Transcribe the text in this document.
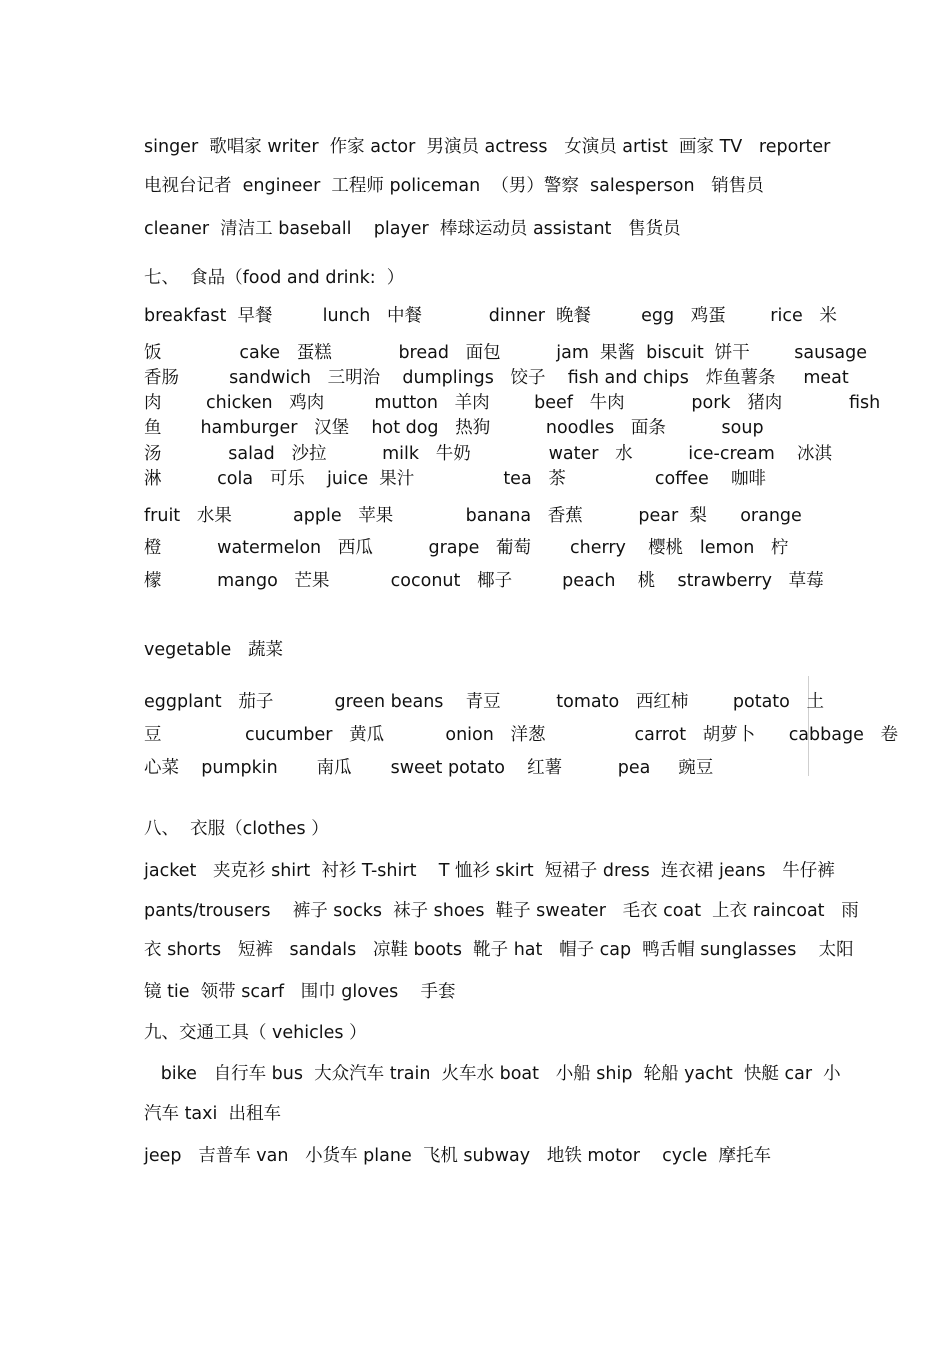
singer  歌唱家 writer  作家 actor  男演员 actress   女演员 artist  画家 TV   reporter
电视台记者  engineer  工程师 policeman  （男）警察  salesperson   销售员
cleaner  清洁工 baseball    player  棒球运动员 assistant   售货员
七、  食品（food and drink:  ）
breakfast  早餐         lunch   中餐            dinner  晚餐         egg   鸡蛋        rice   米
饭              cake   蛋糕            bread   面包          jam  果酱  biscuit  饼干        sausage
香肠         sandwich   三明治    dumplings   饺子    fish and chips   炸鱼薯条     meat
肉        chicken   鸡肉         mutton   羊肉        beef   牛肉            pork   猪肉            fish
鱼       hamburger   汉堡    hot dog   热狗          noodles   面条          soup
汤            salad   沙拉          milk   牛奶              water   水          ice-cream    冰淇
淋          cola   可乐    juice  果汁                tea   茶                coffee    咖啡
fruit   水果           apple   苹果             banana   香蕉          pear  梨      orange
橙          watermelon   西瓜          grape   葡萄       cherry    樱桃   lemon   柠
檬          mango   芒果           coconut   椰子         peach    桃    strawberry   草莓
vegetable   蔬菜
eggplant   茄子           green beans    青豆          tomato   西红柿        potato   土
豆               cucumber   黄瓜           onion   洋葱                carrot   胡萝卜      cabbage   卷
心菜    pumpkin       南瓜       sweet potato    红薯          pea     豌豆
八、  衣服（clothes ）
jacket   夹克衫 shirt  衬衫 T-shirt    T 恤衫 skirt  短裙子 dress  连衣裙 jeans   牛仔裤
pants/trousers    裤子 socks  袜子 shoes  鞋子 sweater   毛衣 coat  上衣 raincoat   雨
衣 shorts   短裤   sandals   凉鞋 boots  靴子 hat   帽子 cap  鸭舌帽 sunglasses    太阳
镜 tie  领带 scarf   围巾 gloves    手套
九、交通工具（ vehicles ）
bike   自行车 bus  大众汽车 train  火车水 boat   小船 ship  轮船 yacht  快艇 car  小
汽车 taxi  出租车
jeep   吉普车 van   小货车 plane  飞机 subway   地铁 motor    cycle  摩托车
